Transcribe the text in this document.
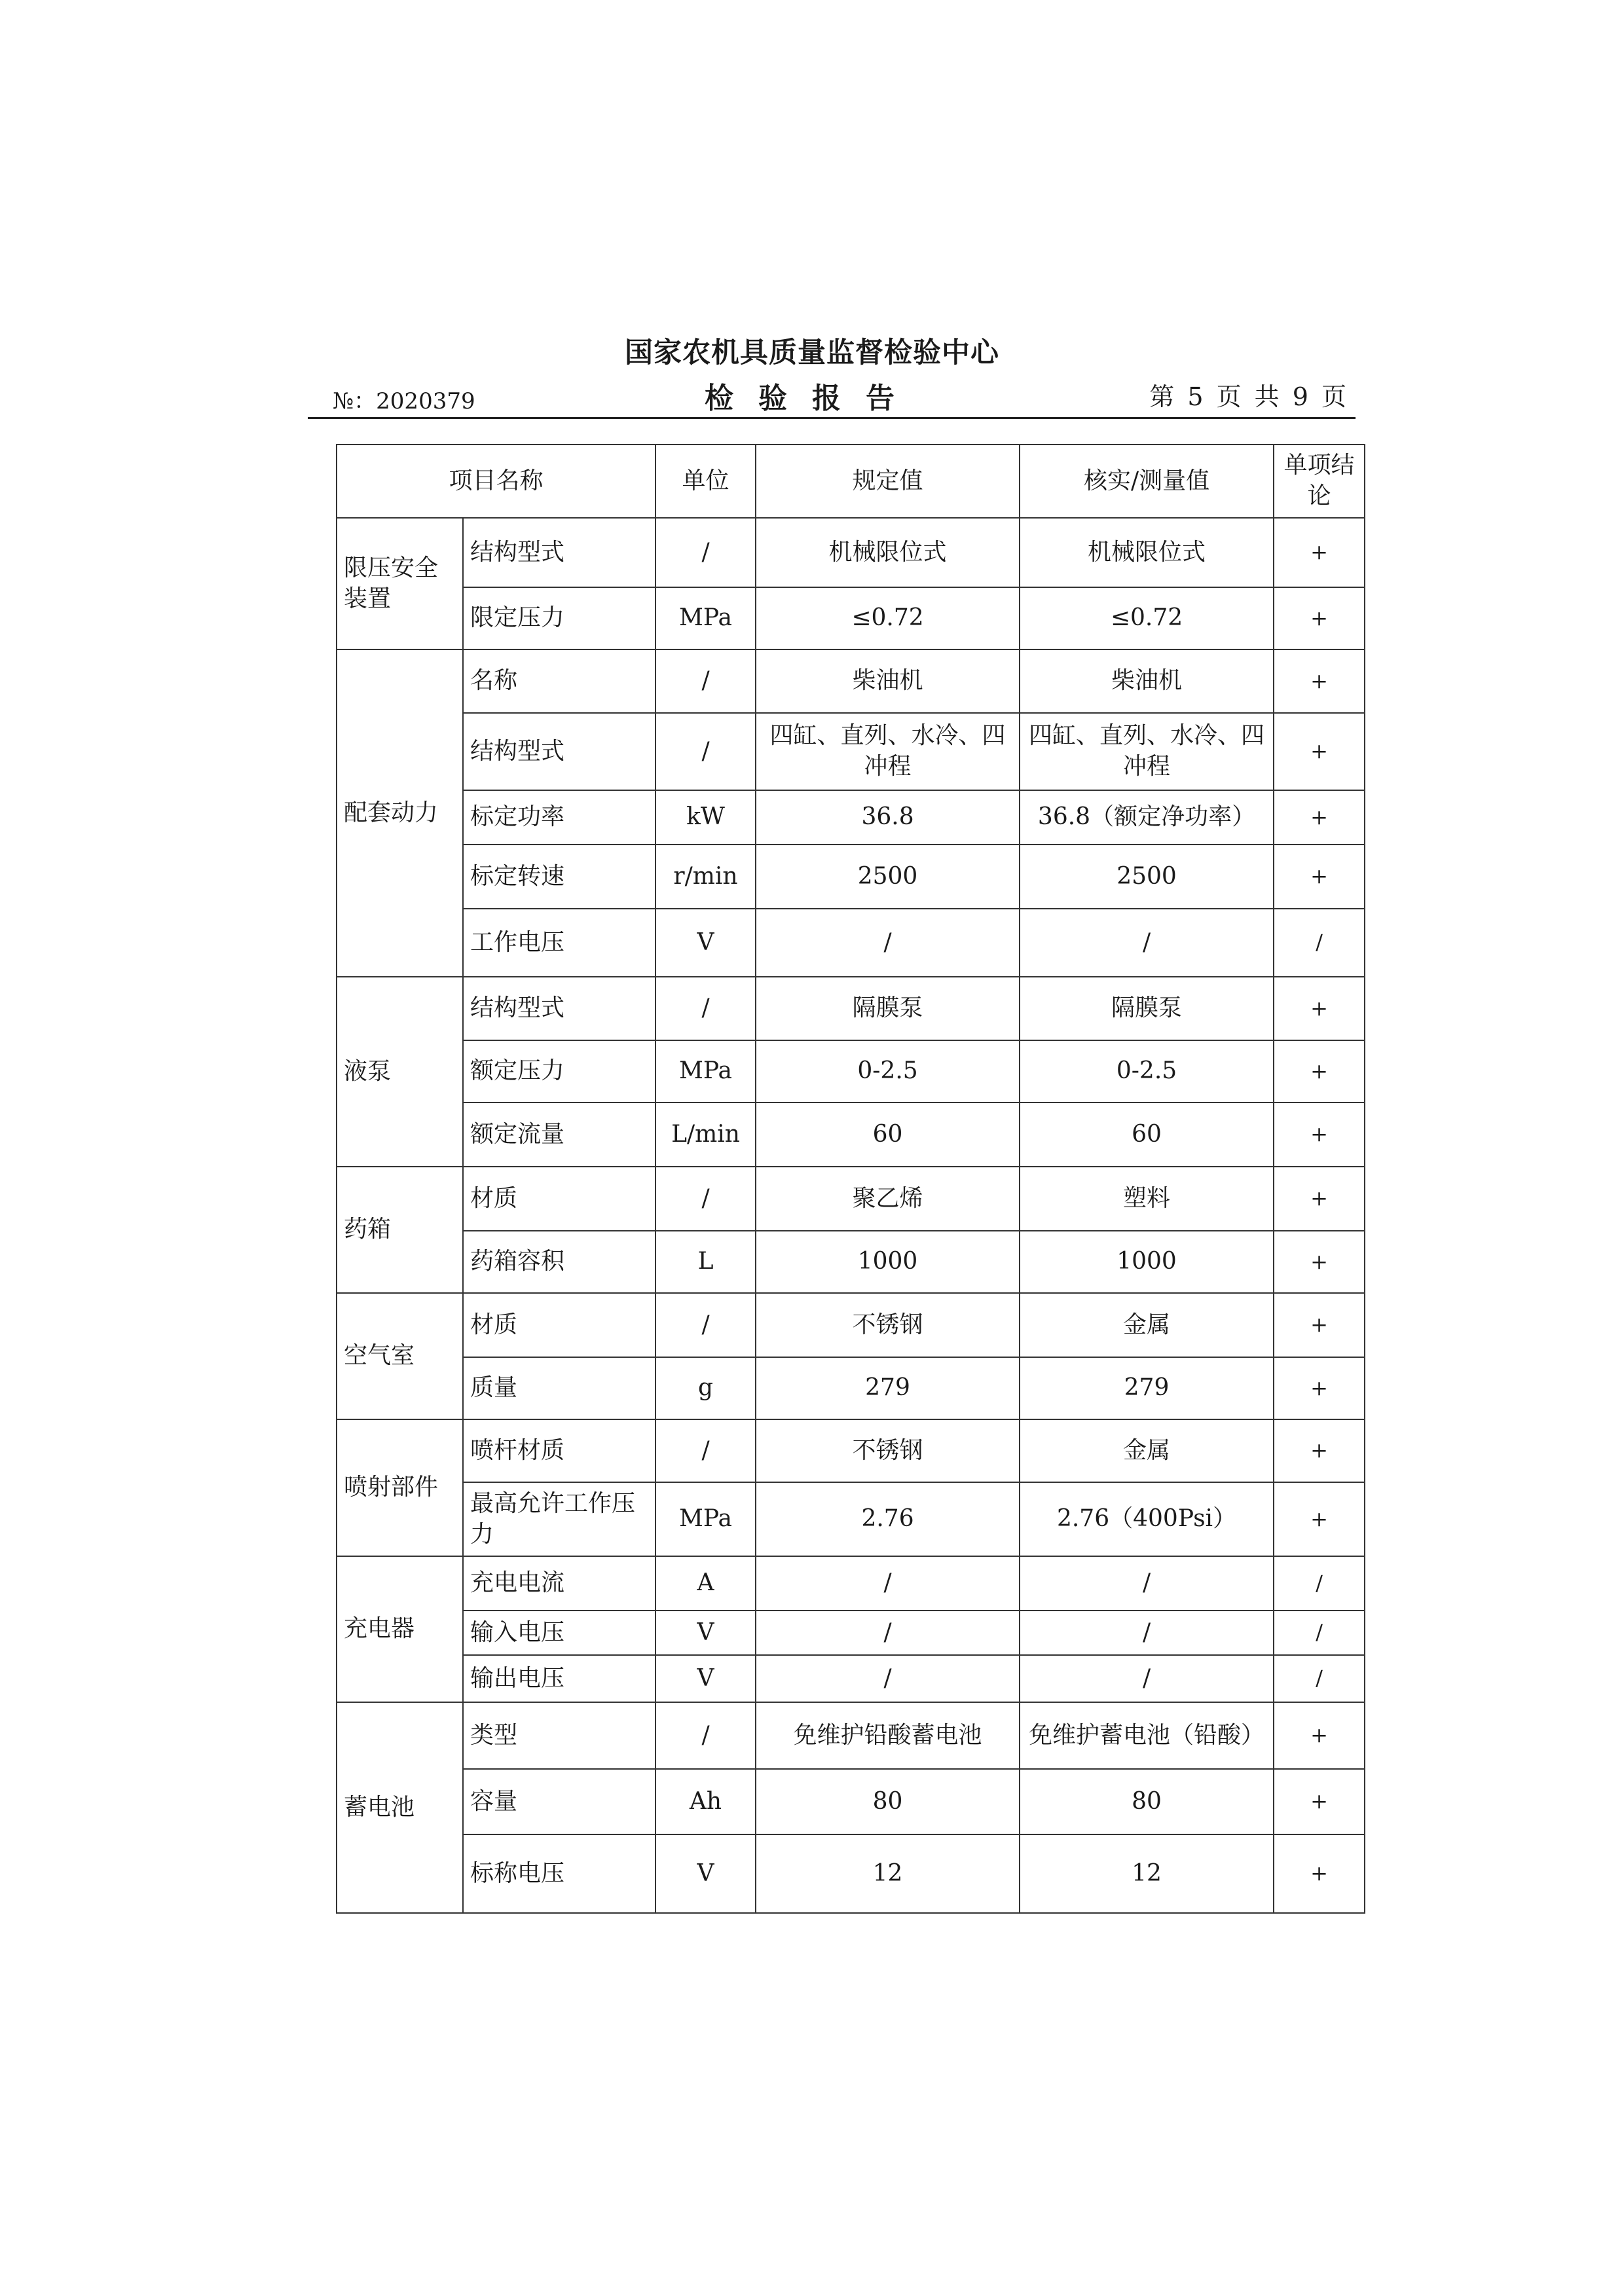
国家农机具质量监督检验中心
检验报告
№：2020379	第 5 页 共 9 页
项目名称		单位	规定值	核实/测量值	单项结论
限压安全装置	结构型式	/	机械限位式	机械限位式	+
	限定压力	MPa	≤0.72	≤0.72	+
配套动力	名称	/	柴油机	柴油机	+
	结构型式	/	四缸、直列、水冷、四冲程	四缸、直列、水冷、四冲程	+
	标定功率	kW	36.8	36.8（额定净功率）	+
	标定转速	r/min	2500	2500	+
	工作电压	V	/	/	/
液泵	结构型式	/	隔膜泵	隔膜泵	+
	额定压力	MPa	0-2.5	0-2.5	+
	额定流量	L/min	60	60	+
药箱	材质	/	聚乙烯	塑料	+
	药箱容积	L	1000	1000	+
空气室	材质	/	不锈钢	金属	+
	质量	g	279	279	+
喷射部件	喷杆材质	/	不锈钢	金属	+
	最高允许工作压力	MPa	2.76	2.76（400Psi）	+
充电器	充电电流	A	/	/	/
	输入电压	V	/	/	/
	输出电压	V	/	/	/
蓄电池	类型	/	免维护铅酸蓄电池	免维护蓄电池（铅酸）	+
	容量	Ah	80	80	+
	标称电压	V	12	12	+
